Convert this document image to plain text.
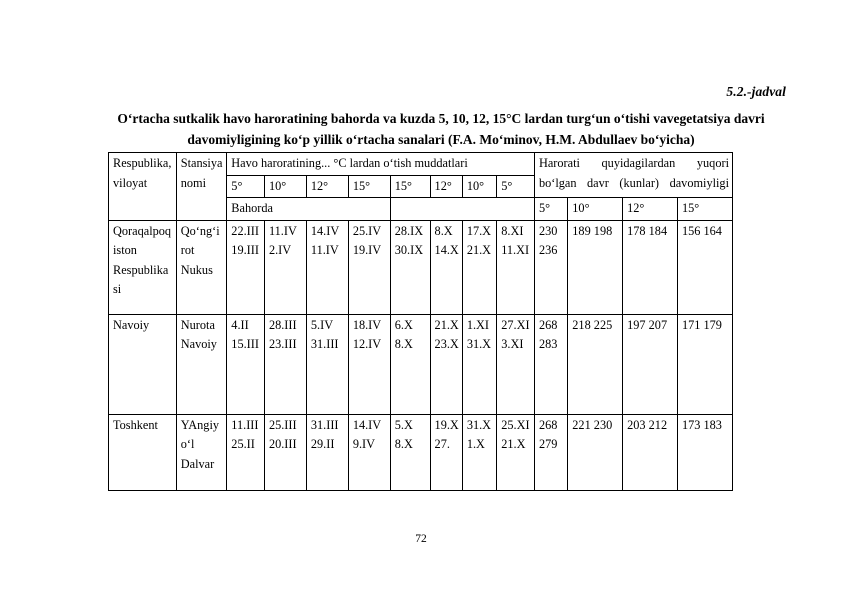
5.2.-jadval
O‘rtacha sutkalik havo haroratining bahorda va kuzda 5, 10, 12, 15°C lardan turg‘un o‘tishi vavegetatsiya davri
davomiyligining ko‘p yillik o‘rtacha sanalari (F.A. Mo‘minov, H.M. Abdullaev bo‘yicha)
Respublika, viloyat	Stansiya nomi	Havo haroratining... °C lardan o‘tish muddatlari								Harorati quyidagilardan yuqori bo‘lgan davr (kunlar) davomiyligi			
		5°	10°	12°	15°	15°	12°	10°	5°				
		Bahorda								5°	10°	12°	15°
Qoraqalpoqiston Respublikasi	Qo‘ng‘irot Nukus	22.III 19.III	11.IV 2.IV	14.IV 11.IV	25.IV 19.IV	28.IX 30.IX	8.X 14.X	17.X 21.X	8.XI 11.XI	230 236	189 198	178 184	156 164
Navoiy	Nurota Navoiy	4.II 15.III	28.III 23.III	5.IV 31.III	18.IV 12.IV	6.X 8.X	21.X 23.X	1.XI 31.X	27.XI 3.XI	268 283	218 225	197 207	171 179
Toshkent	YAngiyo‘l Dalvar	11.III 25.II	25.III 20.III	31.III 29.II	14.IV 9.IV	5.X 8.X	19.X 27.	31.X 1.X	25.XI 21.X	268 279	221 230	203 212	173 183
72
